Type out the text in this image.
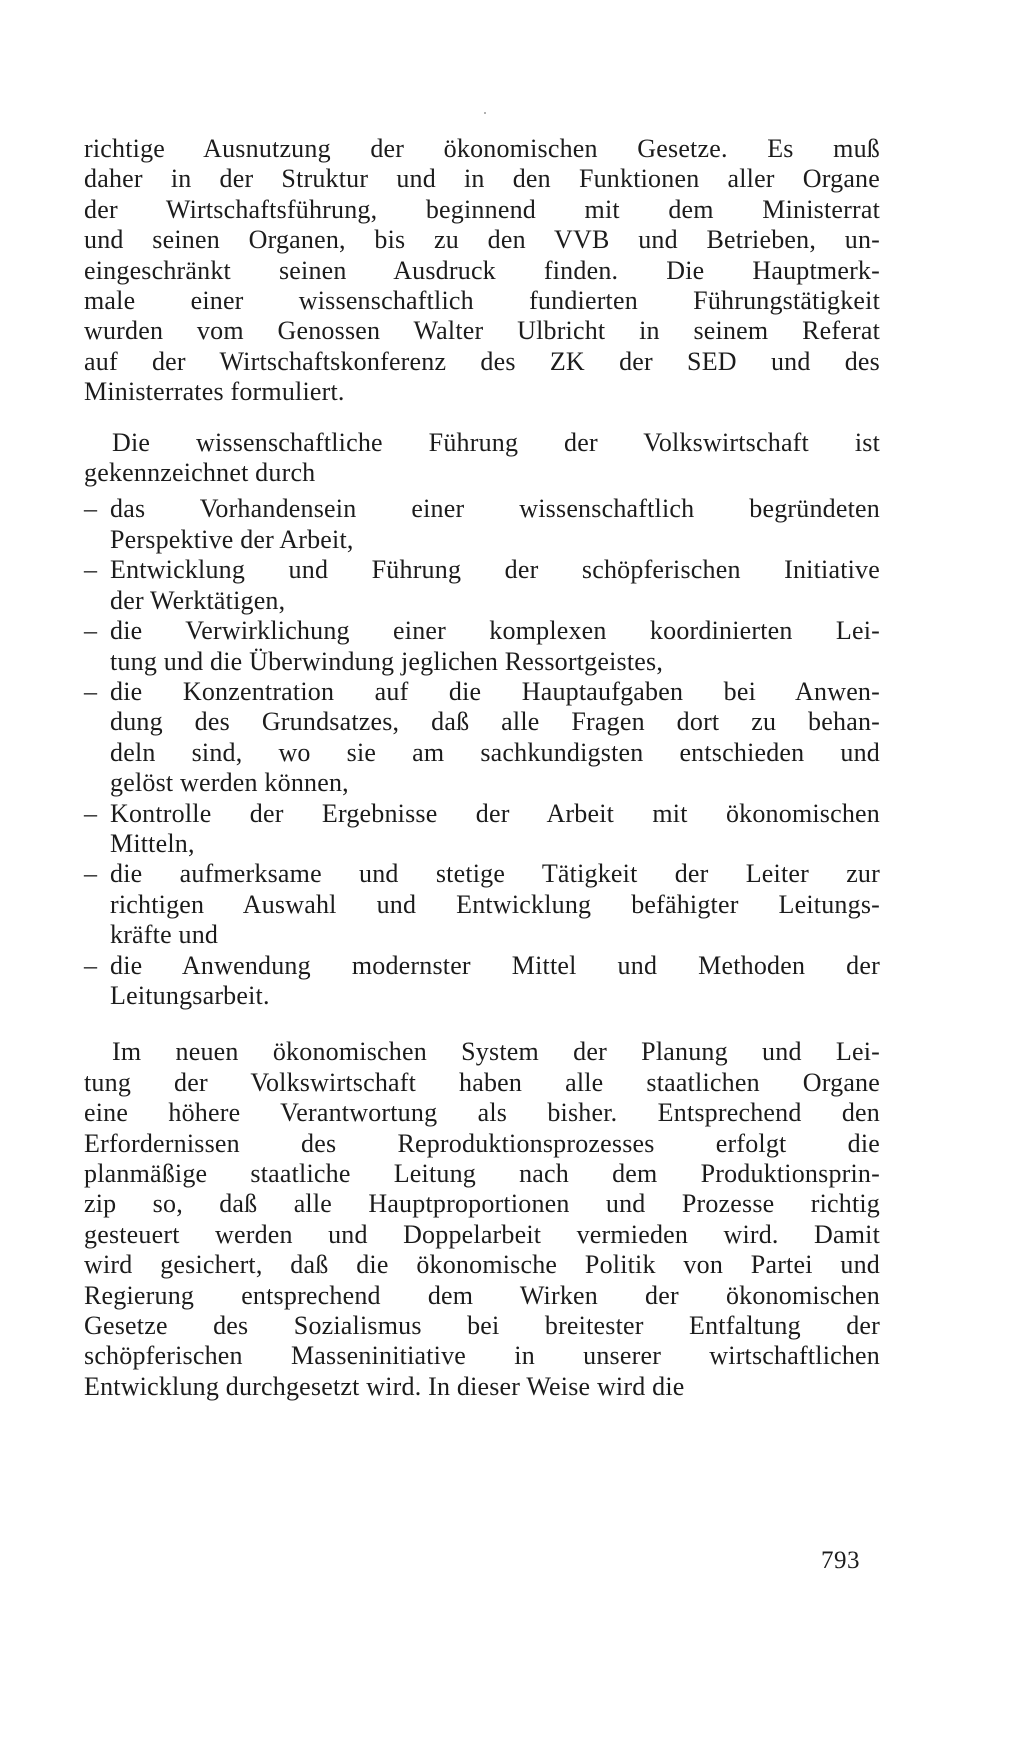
richtige Ausnutzung der ökonomischen Gesetze. Es muß
daher in der Struktur und in den Funktionen aller Organe
der Wirtschaftsführung, beginnend mit dem Ministerrat
und seinen Organen, bis zu den VVB und Betrieben, un-
eingeschränkt seinen Ausdruck finden. Die Hauptmerk-
male einer wissenschaftlich fundierten Führungstätigkeit
wurden vom Genossen Walter Ulbricht in seinem Referat
auf der Wirtschaftskonferenz des ZK der SED und des
Ministerrates formuliert.
Die wissenschaftliche Führung der Volkswirtschaft ist
gekennzeichnet durch
– das Vorhandensein einer wissenschaftlich begründeten
Perspektive der Arbeit,
– Entwicklung und Führung der schöpferischen Initiative
der Werktätigen,
– die Verwirklichung einer komplexen koordinierten Lei-
tung und die Überwindung jeglichen Ressortgeistes,
– die Konzentration auf die Hauptaufgaben bei Anwen-
dung des Grundsatzes, daß alle Fragen dort zu behan-
deln sind, wo sie am sachkundigsten entschieden und
gelöst werden können,
– Kontrolle der Ergebnisse der Arbeit mit ökonomischen
Mitteln,
– die aufmerksame und stetige Tätigkeit der Leiter zur
richtigen Auswahl und Entwicklung befähigter Leitungs-
kräfte und
– die Anwendung modernster Mittel und Methoden der
Leitungsarbeit.
Im neuen ökonomischen System der Planung und Lei-
tung der Volkswirtschaft haben alle staatlichen Organe
eine höhere Verantwortung als bisher. Entsprechend den
Erfordernissen des Reproduktionsprozesses erfolgt die
planmäßige staatliche Leitung nach dem Produktionsprin-
zip so, daß alle Hauptproportionen und Prozesse richtig
gesteuert werden und Doppelarbeit vermieden wird. Damit
wird gesichert, daß die ökonomische Politik von Partei und
Regierung entsprechend dem Wirken der ökonomischen
Gesetze des Sozialismus bei breitester Entfaltung der
schöpferischen Masseninitiative in unserer wirtschaftlichen
Entwicklung durchgesetzt wird. In dieser Weise wird die
793
